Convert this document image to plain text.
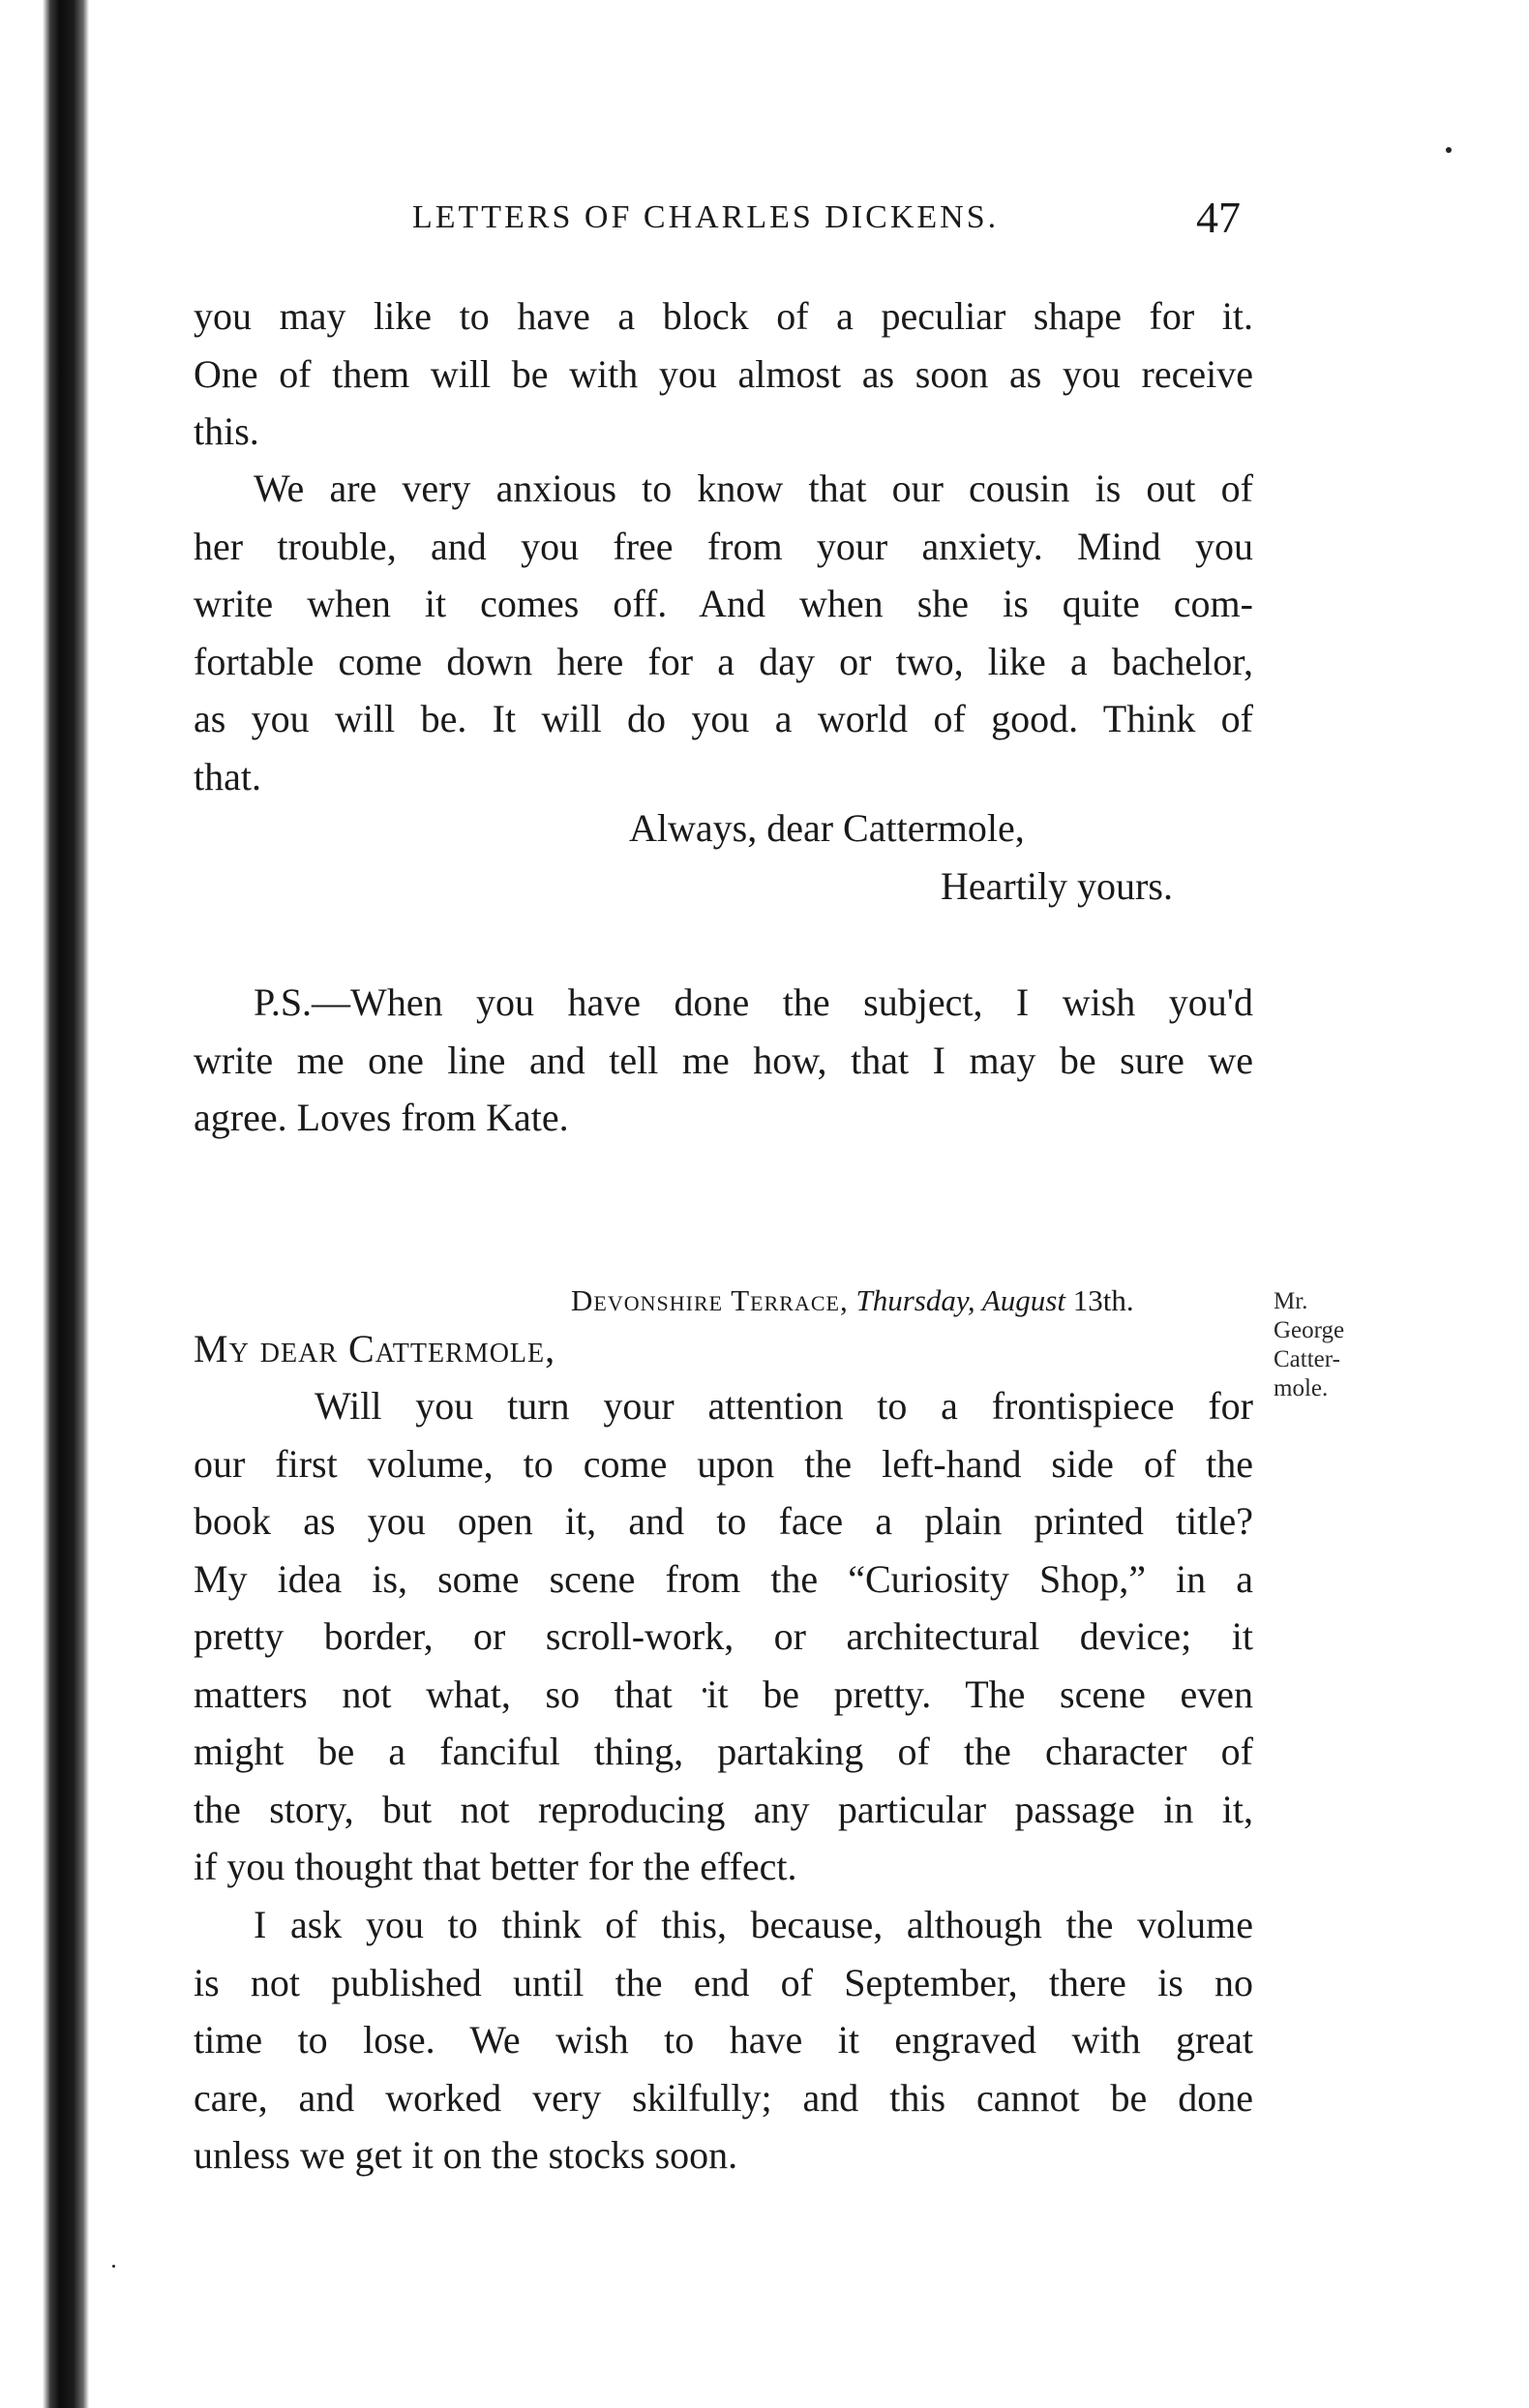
LETTERS OF CHARLES DICKENS.	47
you may like to have a block of a peculiar shape for it.
One of them will be with you almost as soon as you receive
this.
We are very anxious to know that our cousin is out of
her trouble, and you free from your anxiety. Mind you
write when it comes off. And when she is quite com-
fortable come down here for a day or two, like a bachelor,
as you will be. It will do you a world of good. Think of
that.
Always, dear Cattermole,
Heartily yours.
P.S.—When you have done the subject, I wish you'd
write me one line and tell me how, that I may be sure we
agree. Loves from Kate.
Devonshire Terrace, Thursday, August 13th.	Mr.
George
Catter-
mole.
My dear Cattermole,
Will you turn your attention to a frontispiece for
our first volume, to come upon the left-hand side of the
book as you open it, and to face a plain printed title?
My idea is, some scene from the “Curiosity Shop,” in a
pretty border, or scroll-work, or architectural device; it
matters not what, so that it be pretty. The scene even
might be a fanciful thing, partaking of the character of
the story, but not reproducing any particular passage in it,
if you thought that better for the effect.
I ask you to think of this, because, although the volume
is not published until the end of September, there is no
time to lose. We wish to have it engraved with great
care, and worked very skilfully; and this cannot be done
unless we get it on the stocks soon.
